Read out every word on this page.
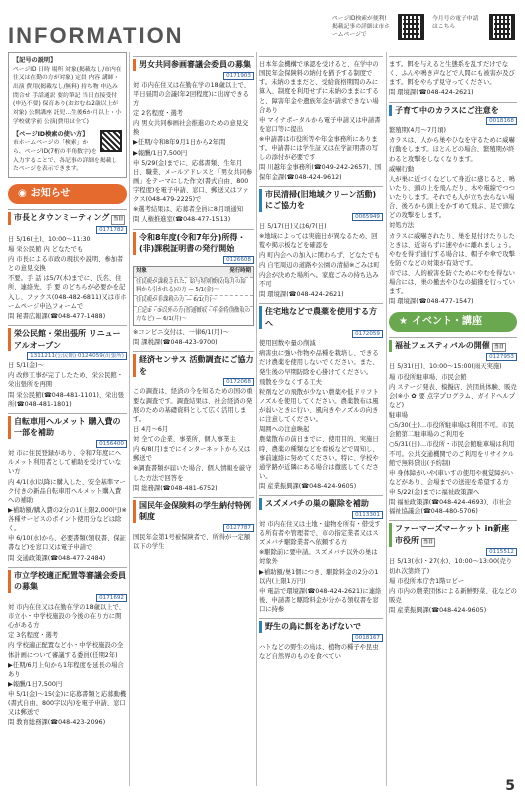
INFORMATION
ページID検索が便利!掲載記事の詳細は市ホームページで
今月号の電子申請はこちら
【記号の説明】
ページID 日時 場所 対象(掲載なし/市内在住又は在勤の方が対象) 定員 内容 講師・出演 費用(掲載なし/無料) 持ち物 申込み 問合せ 手話通訳 要約筆記 当日直接受付(申込不要) 保育あり(おおむね2歳以上が対象) 公開講座 託児…生後6か月以上・小学校就学前 公演(費用は全て)
【ページID検索の使い方】
市ホームページの「検索」から、ページID(7桁の半角数字)を入力することで、各記事の詳細を掲載したページを表示できます。
◉ お知らせ
市長とタウンミーティング 当日
0171782

日 5/16(土)、10:00〜11:30

場 栄公民館 内 どなたでも

内 市長による市政の現状や説明、参加者との意見交換

不要。手 話 は5/7(木)までに、氏名、住所、連絡先、手 要 のどちらが必要かを記入し、ファクス(048-482-6811)又は市ホームページ申込フォームで

問 秘書広報課(☎048-477-1488)

栄公民館・栄出張所 リニューアルオープン
1311211(公民館) 0124059(出張所)

日 5/1(金)〜

内 改修工事が完了したため、栄公民館・栄出張所を再開

問 栄公民館(☎048-481-1101)、栄出張所(☎048-481-1801)

自転車用ヘルメット 購入費の一部を補助
0156400

対 市に住民登録があり、令和7年度にヘルメット利用者として補助を受けていない方

内 4/1(水)以降に購入した、安全基準マーク付きの新品自転車用ヘルメット購入費への補助

▶補助額/購入費の2分の1(上限2,000円)※各種サービスのポイント使用分などは除く。

申 6/10(水)から、必要書類(領収書、保証書など)を窓口又は電子申請で

問 交通政策課(☎048-477-2484)

市立学校適正配置等審議会委員の募集
0171692

対 市内在住又は在勤在学の18歳以上で、市立小・中学校施設の今後の在り方に関心がある方

定 3名程度・選考

内 学校適正配置など小・中学校施設の全体計画について審議する委員(任期2年)

▶任期/6月上旬から1年程度を延長の場合あり

▶報酬/1日7,500円

申 5/1(金)〜15(金)に応募書類と応募動機(書式自由、800字以内)を電子申請、窓口又は郵送で

問 教育総務課(☎048-423-2096)

男女共同参画審議会委員の募集
0171903

対 市内在住又は在勤在学の18歳以上で、平日昼間の会議(年2回程度)に出席できる方

定 2名程度・選考

内 男女共同参画社会推進のための意見交換

▶任期/令和8年9月1日から2年間

▶報酬/1日7,500円

申 5/29(金)までに、応募書類、生年月日、職業、メールアドレスと「男女共同参画」をテーマにした作文(書式自由、800字程度)を電子申請、窓口、郵送又はファクス(048-479-2225)で

※選考結果は、応募者全員に8月頃通知

問 人権推進室(☎048-477-1513)

令和8年度(令和7年分)所得・(非)課税証明書の発行開始
0126608
対象	発行時期
住民税が課税された、給与特別徴収(毎月の給料から引かれる)の方 — 5/1(金)〜
住民税が非課税の方 — 6/1(月)〜
上記②・③以外の方(普通徴収・年金特別徴収の方など) — 6/1(月)〜

※コンビニ交付は、一律6/1(月)〜

問 課税課(☎048-423-9700)

経済センサス 活動調査にご協力を
0172068

この調査は、経済の今を知るための国の重要な調査です。調査結果は、社会経済の発展のための基礎資料として広く活用します。

日 4月〜6月

対 全ての企業、事業所、個人事業主

内 6/8(月)までにインターネットから又は郵送で

※調査書類が届いた場合、個人情報を厳守した方法で回答を

問 総務課(☎048-481-6752)

国民年金保険料の学生納付特例制度
0127787

国民年金第1号被保険者で、所得が一定額以下の学生

日本年金機構で承認を受けると、在学中の国民年金保険料の納付を猶予する制度です。未納のままだと、受給資格期間のみに算入、制度を利用せずに未納のままにすると、障害年金や遺族年金が請求できない場合あり

申 マイナポータルから電子申請又は申請書を窓口等に提出

※申請書は市役所等や年金事務所にあります。申請書には学生証又は在学証明書の写しの添付が必要です

問 川越年金事務所(☎049-242-2657)、国保年金課(☎048-424-9612)

市民清掃(旧地域クリーン活動)にご協力を
0065949

日 5/17(日)又は6/7(日)

※地域によっては実施日が異なるため、回覧や掲示板などを確認を

内 町内会への加入に関わらず、どなたでも

内 自宅周辺の道路や公園の清掃※ごみは町内会が決めた場所へ。家庭ごみの持ち込み不可

問 環境課(☎048-424-2621)

住宅地などで農薬を使用する方へ
0172059

使用回数や量の削減

病害虫に強い作物や品種を栽培し、できるだけ農薬を使用しないでください。また、発生後の早期防除を心掛けてください。

飛散を少なくする工夫

粒剤などの飛散が少ない農薬や低ドリフトノズルを使用してください。農薬散布は風が弱いときに行い、風向きやノズルの向きに注意してください。

周囲への注意喚起

農薬散布の前日までに、使用目的、実施日時、農薬の種類などを看板などで周知し、事前連絡に努めてください。特に、学校や通学路が近隣にある場合は徹底してください。

問 産業振興課(☎048-424-9605)

スズメバチの巣の駆除を補助
0113301

対 市内在住又は土地・建物を所有・借受する所有者や管理者で、市の指定業者又はスズメバチ駆除業者へ依頼する方

※駆除前に要申請。スズメバチ以外の巣は対象外

▶補助額/巣1個につき、駆除料金の2分の1以内(上限1万円)

申 電話で環境課(☎048-424-2621)に連絡後、申請書と駆除料金が分かる領収書を窓口に持参

野生の鳥に餌をあげないで
0018167

ハトなどの野生の鳥は、植物の種子や昆虫など自然界のものを食べてい

ます。餌を与えると生態系を乱すだけでなく、ふんや鳴き声などで人間にも被害が及びます。餌をやらず見守ってください。

問 環境課(☎048-424-2621)

子育て中のカラスにご注意を
0018168

繁殖期(4月〜7月頃)

カラスは、人から巣やひなを守るために威嚇行動をします。ほとんどの場合、繁殖期が終わると攻撃をしなくなります。

威嚇行動

人が巣に近づくなどして身近に感じると、鳴いたり、頭の上を飛んだり、木や電線でつついたりします。それでも人が立ち去らない場合、後ろから頭上をかすめて飛ぶ、足で頭などの攻撃をします。

対処方法

カラスに威嚇されたり、巣を見付けたりしたときは、近寄らずに速やかに離れましょう。やむを得ず通行する場合は、帽子や傘で攻撃を防ぐなどの対策が有効です。

市では、人的被害を防ぐためにやむを得ない場合には、巣の撤去やひなの捕獲を行っています。

問 環境課(☎048-477-1547)

★ イベント・講座
福祉フェスティバルの開催 当日
0127953

日 5/31(日)、10:00〜15:00(雨天実施)

場 市役所駐車場、市民会館

内 ステージ発表、模擬店、渋団員体験、販売会(※小 ✿ 要 点字プログラム、ガイドヘルプなど)

駐車場

○5/30(土)…市役所駐車場は利用不可。市民会館第二駐車場のご利用を

○5/31(日)…市役所・市民会館駐車場は利用不可。公共交通機関でのご利用をリサイクル館で無料貸出(予約制)

申 身体障がいや(車いすの使用や視覚障がいなどがあり、会場までの送迎を希望する方

申 5/22(金)までに福祉政策課へ

問 福祉政策課(☎048-424-4693)、市社会福祉協議会(☎048-480-5706)

ファーマーズマーケット in新座市役所 当日
0115512

日 5/13(水)・27(水)、10:00〜13:00(売り切れ次第終了)

場 市役所本庁舎1階ロビー

内 市内の農業団体による新鮮野菜、花などの販売

問 産業振興課(☎048-424-9605)

5
